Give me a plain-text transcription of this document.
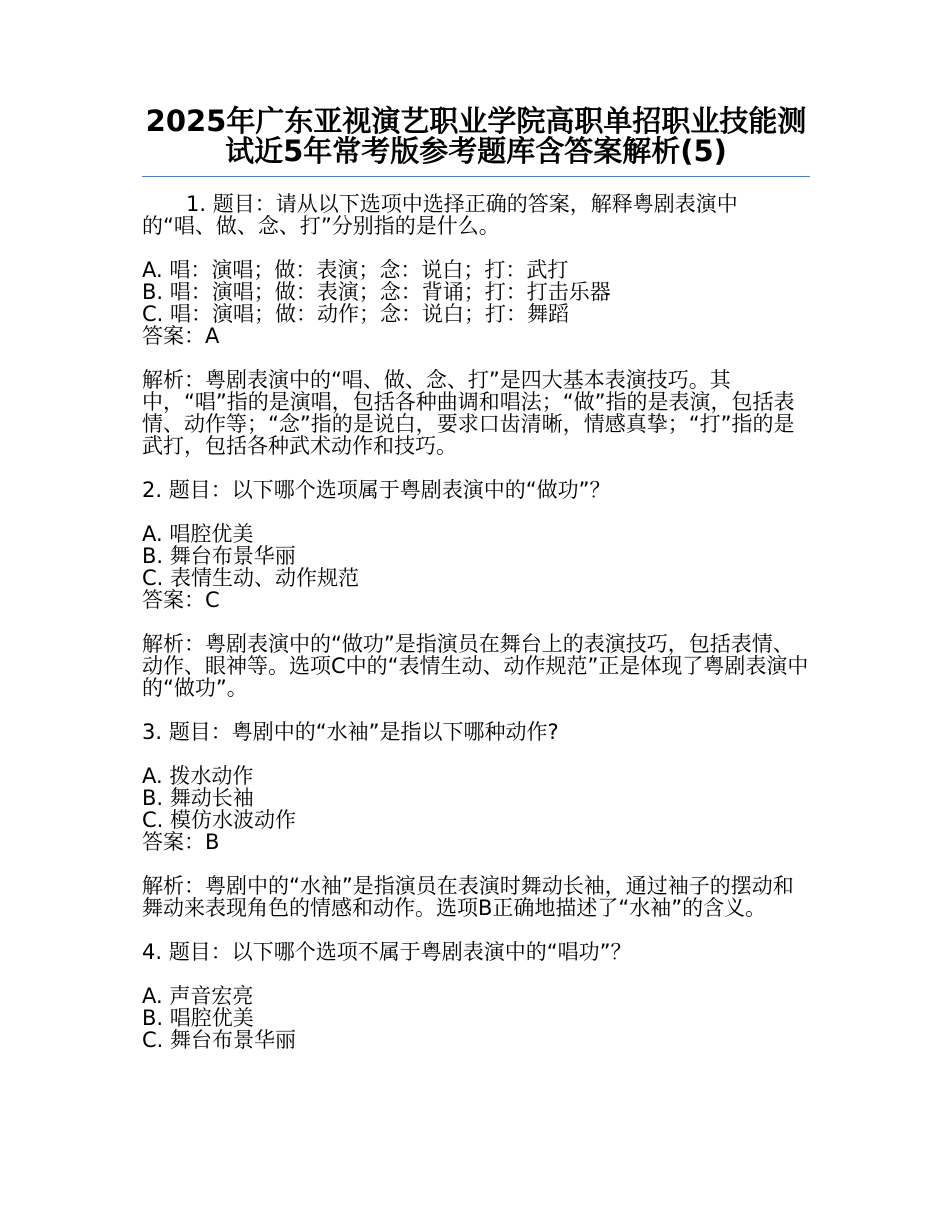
2025年广东亚视演艺职业学院高职单招职业技能测试近5年常考版参考题库含答案解析(5)

1. 题目：请从以下选项中选择正确的答案，解释粤剧表演中的“唱、做、念、打”分别指的是什么。

A. 唱：演唱；做：表演；念：说白；打：武打

B. 唱：演唱；做：表演；念：背诵；打：打击乐器

C. 唱：演唱；做：动作；念：说白；打：舞蹈

答案：A

解析：粤剧表演中的“唱、做、念、打”是四大基本表演技巧。其中，“唱”指的是演唱，包括各种曲调和唱法；“做”指的是表演，包括表情、动作等；“念”指的是说白，要求口齿清晰，情感真挚；“打”指的是武打，包括各种武术动作和技巧。

2. 题目：以下哪个选项属于粤剧表演中的“做功”？

A. 唱腔优美

B. 舞台布景华丽

C. 表情生动、动作规范

答案：C

解析：粤剧表演中的“做功”是指演员在舞台上的表演技巧，包括表情、动作、眼神等。选项C中的“表情生动、动作规范”正是体现了粤剧表演中的“做功”。

3. 题目：粤剧中的“水袖”是指以下哪种动作?

A. 拨水动作

B. 舞动长袖

C. 模仿水波动作

答案：B

解析：粤剧中的“水袖”是指演员在表演时舞动长袖，通过袖子的摆动和舞动来表现角色的情感和动作。选项B正确地描述了“水袖”的含义。

4. 题目：以下哪个选项不属于粤剧表演中的“唱功”？

A. 声音宏亮

B. 唱腔优美

C. 舞台布景华丽
